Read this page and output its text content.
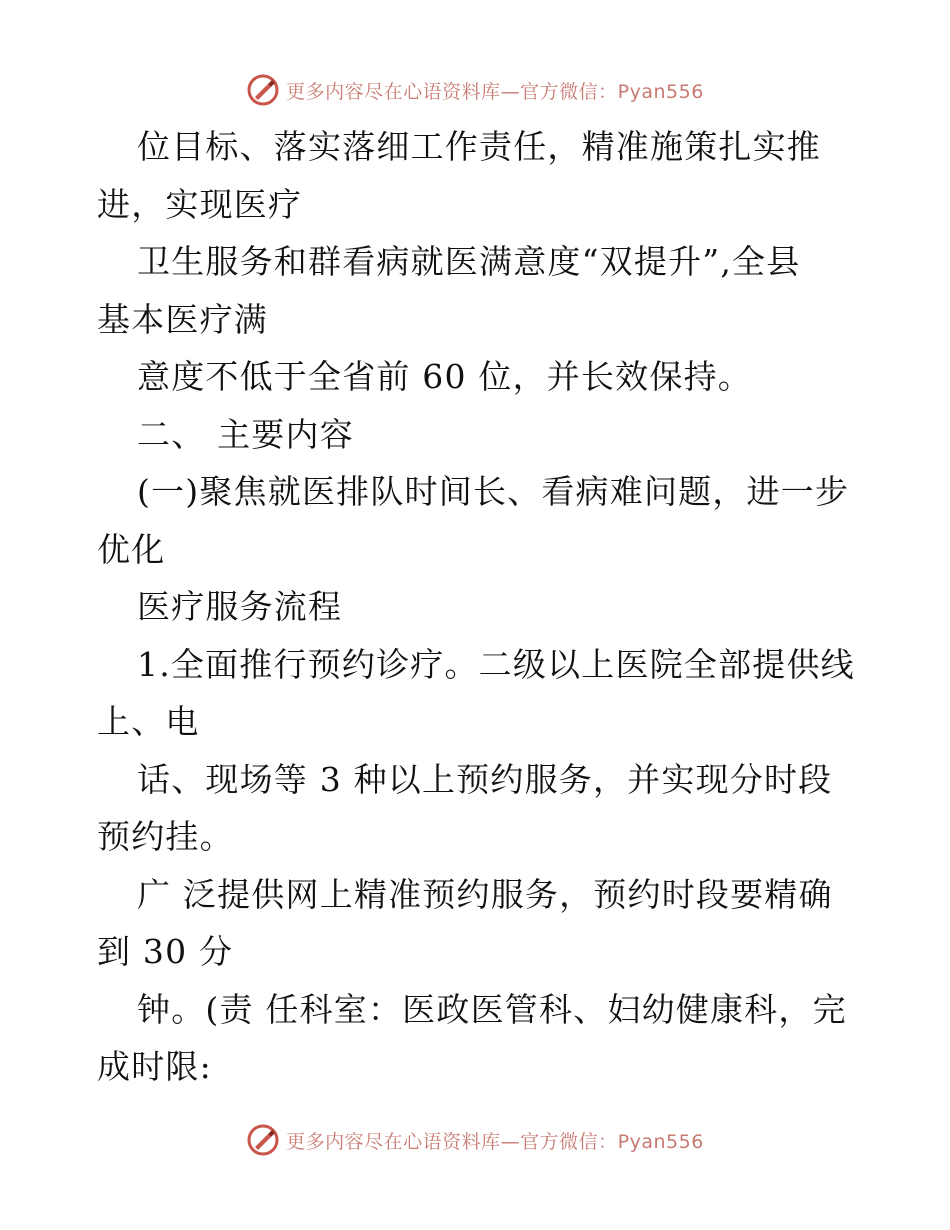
更多内容尽在心语资料库—官方微信：Pyan556

位目标、落实落细工作责任，精准施策扎实推

进，实现医疗

卫生服务和群看病就医满意度“双提升”,全县

基本医疗满

意度不低于全省前 60 位，并长效保持。

二、 主要内容

(一)聚焦就医排队时间长、看病难问题，进一步

优化

医疗服务流程

1.全面推行预约诊疗。二级以上医院全部提供线

上、电

话、现场等 3 种以上预约服务，并实现分时段

预约挂。

广 泛提供网上精准预约服务，预约时段要精确

到 30 分

钟。(责 任科室：医政医管科、妇幼健康科，完

成时限:

更多内容尽在心语资料库—官方微信：Pyan556
